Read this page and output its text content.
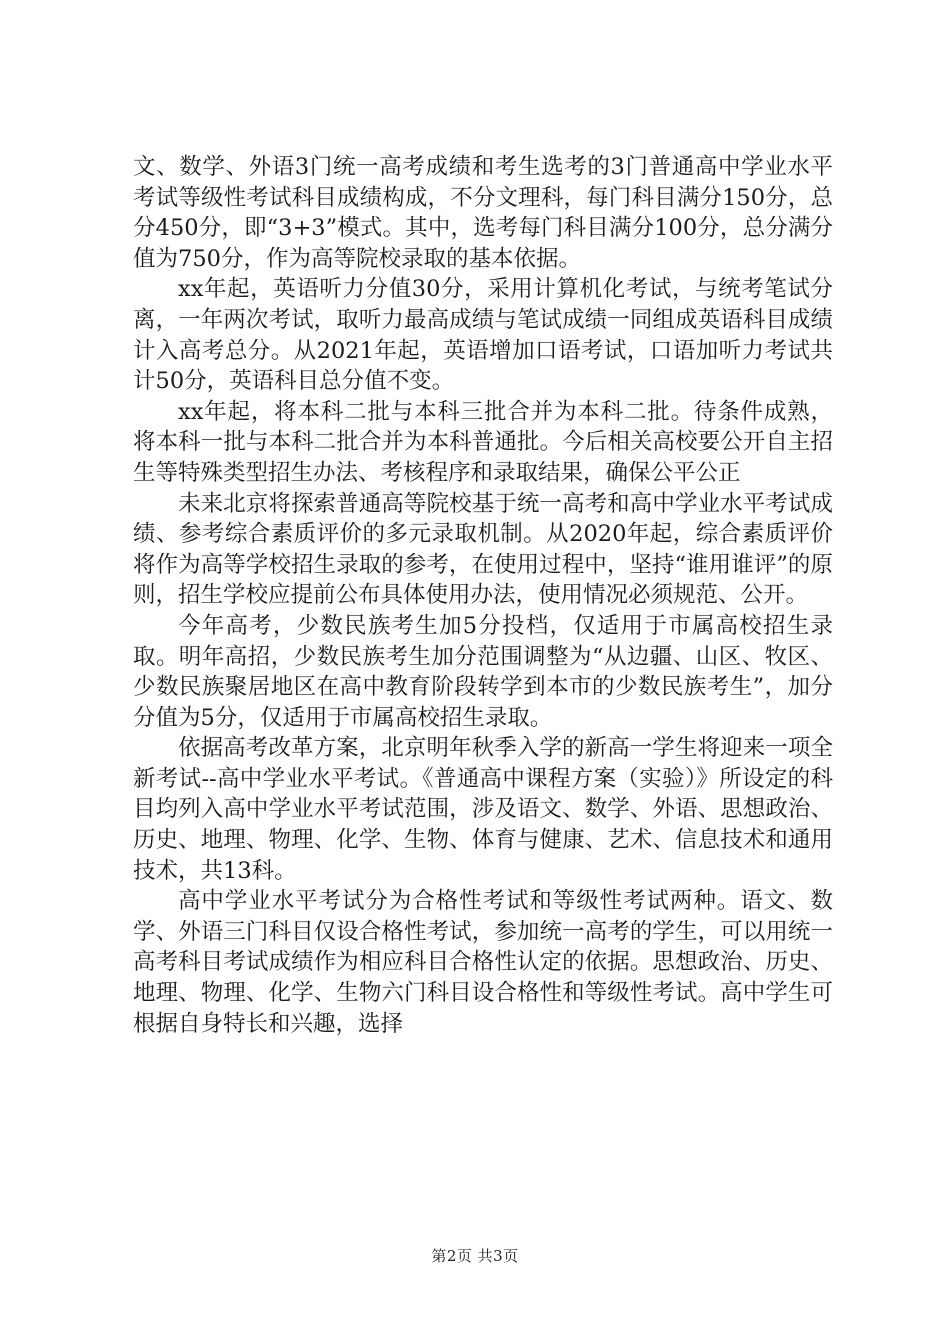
文、数学、外语3门统一高考成绩和考生选考的3门普通高中学业水平考试等级性考试科目成绩构成，不分文理科，每门科目满分150分，总分450分，即“3+3”模式。其中，选考每门科目满分100分，总分满分值为750分，作为高等院校录取的基本依据。

xx年起，英语听力分值30分，采用计算机化考试，与统考笔试分离，一年两次考试，取听力最高成绩与笔试成绩一同组成英语科目成绩计入高考总分。从2021年起，英语增加口语考试，口语加听力考试共计50分，英语科目总分值不变。

xx年起，将本科二批与本科三批合并为本科二批。待条件成熟，将本科一批与本科二批合并为本科普通批。今后相关高校要公开自主招生等特殊类型招生办法、考核程序和录取结果，确保公平公正

未来北京将探索普通高等院校基于统一高考和高中学业水平考试成绩、参考综合素质评价的多元录取机制。从2020年起，综合素质评价将作为高等学校招生录取的参考，在使用过程中，坚持“谁用谁评”的原则，招生学校应提前公布具体使用办法，使用情况必须规范、公开。

今年高考，少数民族考生加5分投档，仅适用于市属高校招生录取。明年高招，少数民族考生加分范围调整为“从边疆、山区、牧区、少数民族聚居地区在高中教育阶段转学到本市的少数民族考生”，加分分值为5分，仅适用于市属高校招生录取。

依据高考改革方案，北京明年秋季入学的新高一学生将迎来一项全新考试--高中学业水平考试。《普通高中课程方案（实验）》所设定的科目均列入高中学业水平考试范围，涉及语文、数学、外语、思想政治、历史、地理、物理、化学、生物、体育与健康、艺术、信息技术和通用技术，共13科。

高中学业水平考试分为合格性考试和等级性考试两种。语文、数学、外语三门科目仅设合格性考试，参加统一高考的学生，可以用统一高考科目考试成绩作为相应科目合格性认定的依据。思想政治、历史、地理、物理、化学、生物六门科目设合格性和等级性考试。高中学生可根据自身特长和兴趣，选择

第2页 共3页
